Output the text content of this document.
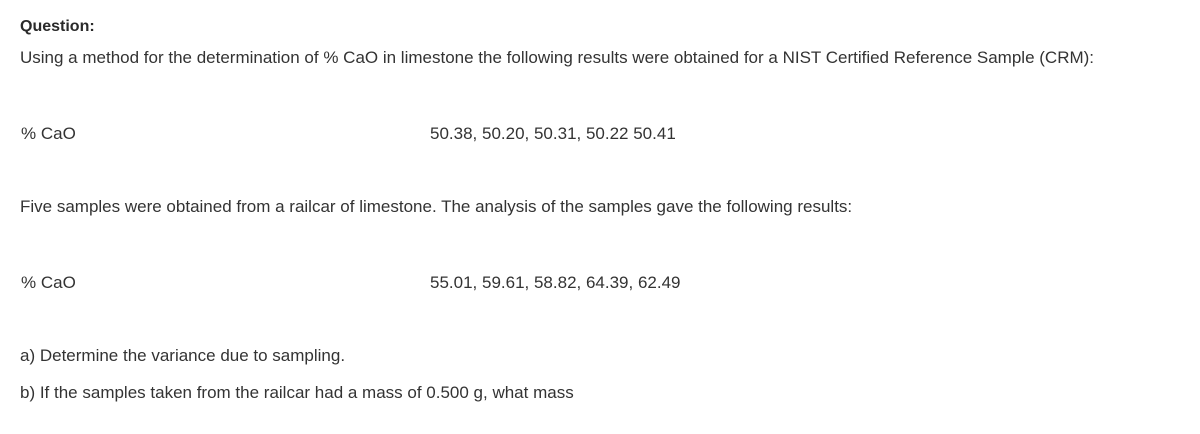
Question:
Using a method for the determination of % CaO in limestone the following results were obtained for a NIST Certified Reference Sample (CRM):
% CaO	50.38, 50.20, 50.31, 50.22 50.41
Five samples were obtained from a railcar of limestone. The analysis of the samples gave the following results:
% CaO	55.01, 59.61, 58.82, 64.39, 62.49
a) Determine the variance due to sampling.
b) If the samples taken from the railcar had a mass of 0.500 g, what mass
